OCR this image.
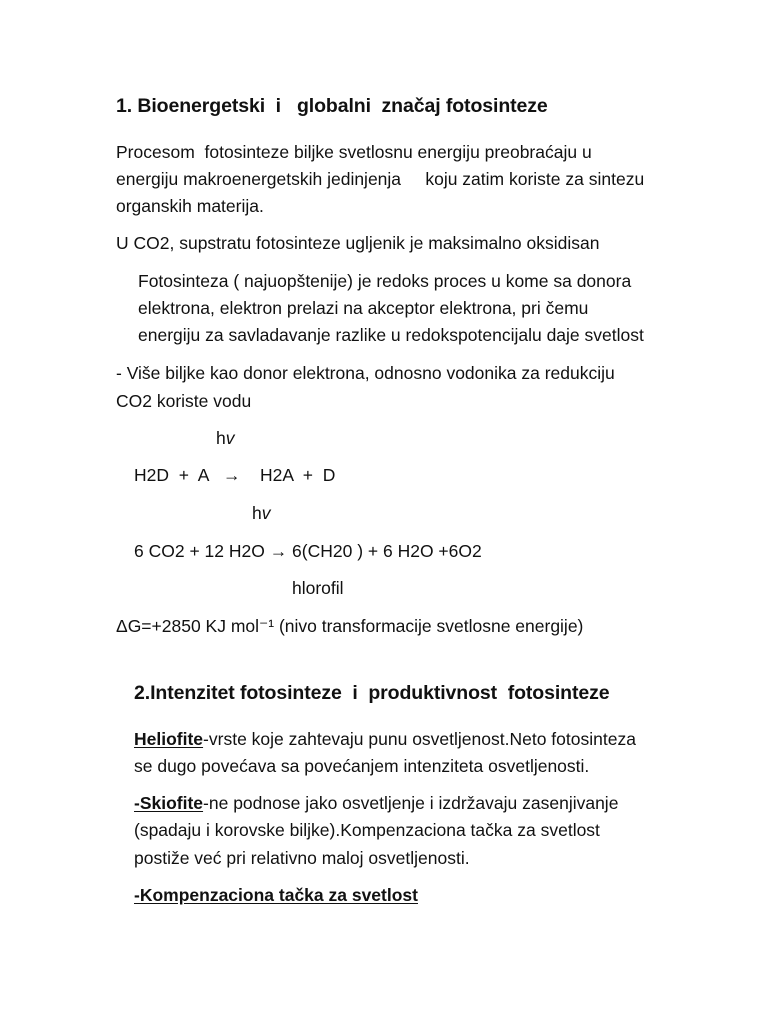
1. Bioenergetski  i   globalni  značaj fotosinteze
Procesom  fotosinteze biljke svetlosnu energiju preobraćaju u
energiju makroenergetskih jedinjenja     koju zatim koriste za sintezu
organskih materija.
U CO2, supstratu fotosinteze ugljenik je maksimalno oksidisan
Fotosinteza ( najuopštenije) je redoks proces u kome sa donora
elektrona, elektron prelazi na akceptor elektrona, pri čemu
energiju za savladavanje razlike u redokspotencijalu daje svetlost
- Više biljke kao donor elektrona, odnosno vodonika za redukciju
CO2 koriste vodu
hv
H2D  +  A   →    H2A  +  D
hv
6 CO2 + 12 H2O → 6(CH20 ) + 6 H2O +6O2
hlorofil
ΔG=+2850 KJ mol⁻¹ (nivo transformacije svetlosne energije)
2.Intenzitet fotosinteze  i  produktivnost  fotosinteze
Heliofite-vrste koje zahtevaju punu osvetljenost.Neto fotosinteza
se dugo povećava sa povećanjem intenziteta osvetljenosti.
-Skiofite-ne podnose jako osvetljenje i izdržavaju zasenjivanje
(spadaju i korovske biljke).Kompenzaciona tačka za svetlost
postiže već pri relativno maloj osvetljenosti.
-Kompenzaciona tačka za svetlost
